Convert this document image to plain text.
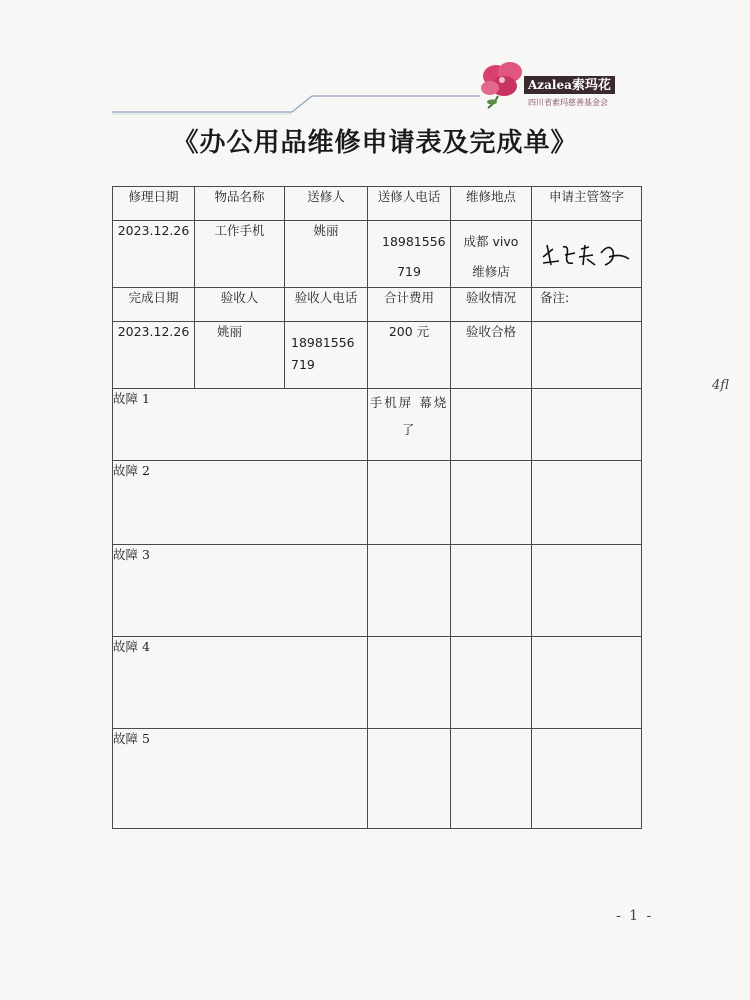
Azalea索玛花
四川省索玛慈善基金会
《办公用品维修申请表及完成单》
修理日期	物品名称	送修人	送修人电话	维修地点	申请主管签字
2023.12.26	工作手机	姚丽	18981556 719	成都 vivo 维修店	

完成日期	验收人	验收人电话	合计费用	验收情况	备注:
2023.12.26	姚丽	18981556 719	200 元	验收合格	
故障 1			手机屏 幕烧了		
故障 2					
故障 3					
故障 4					
故障 5					
4fl
- 1 -
